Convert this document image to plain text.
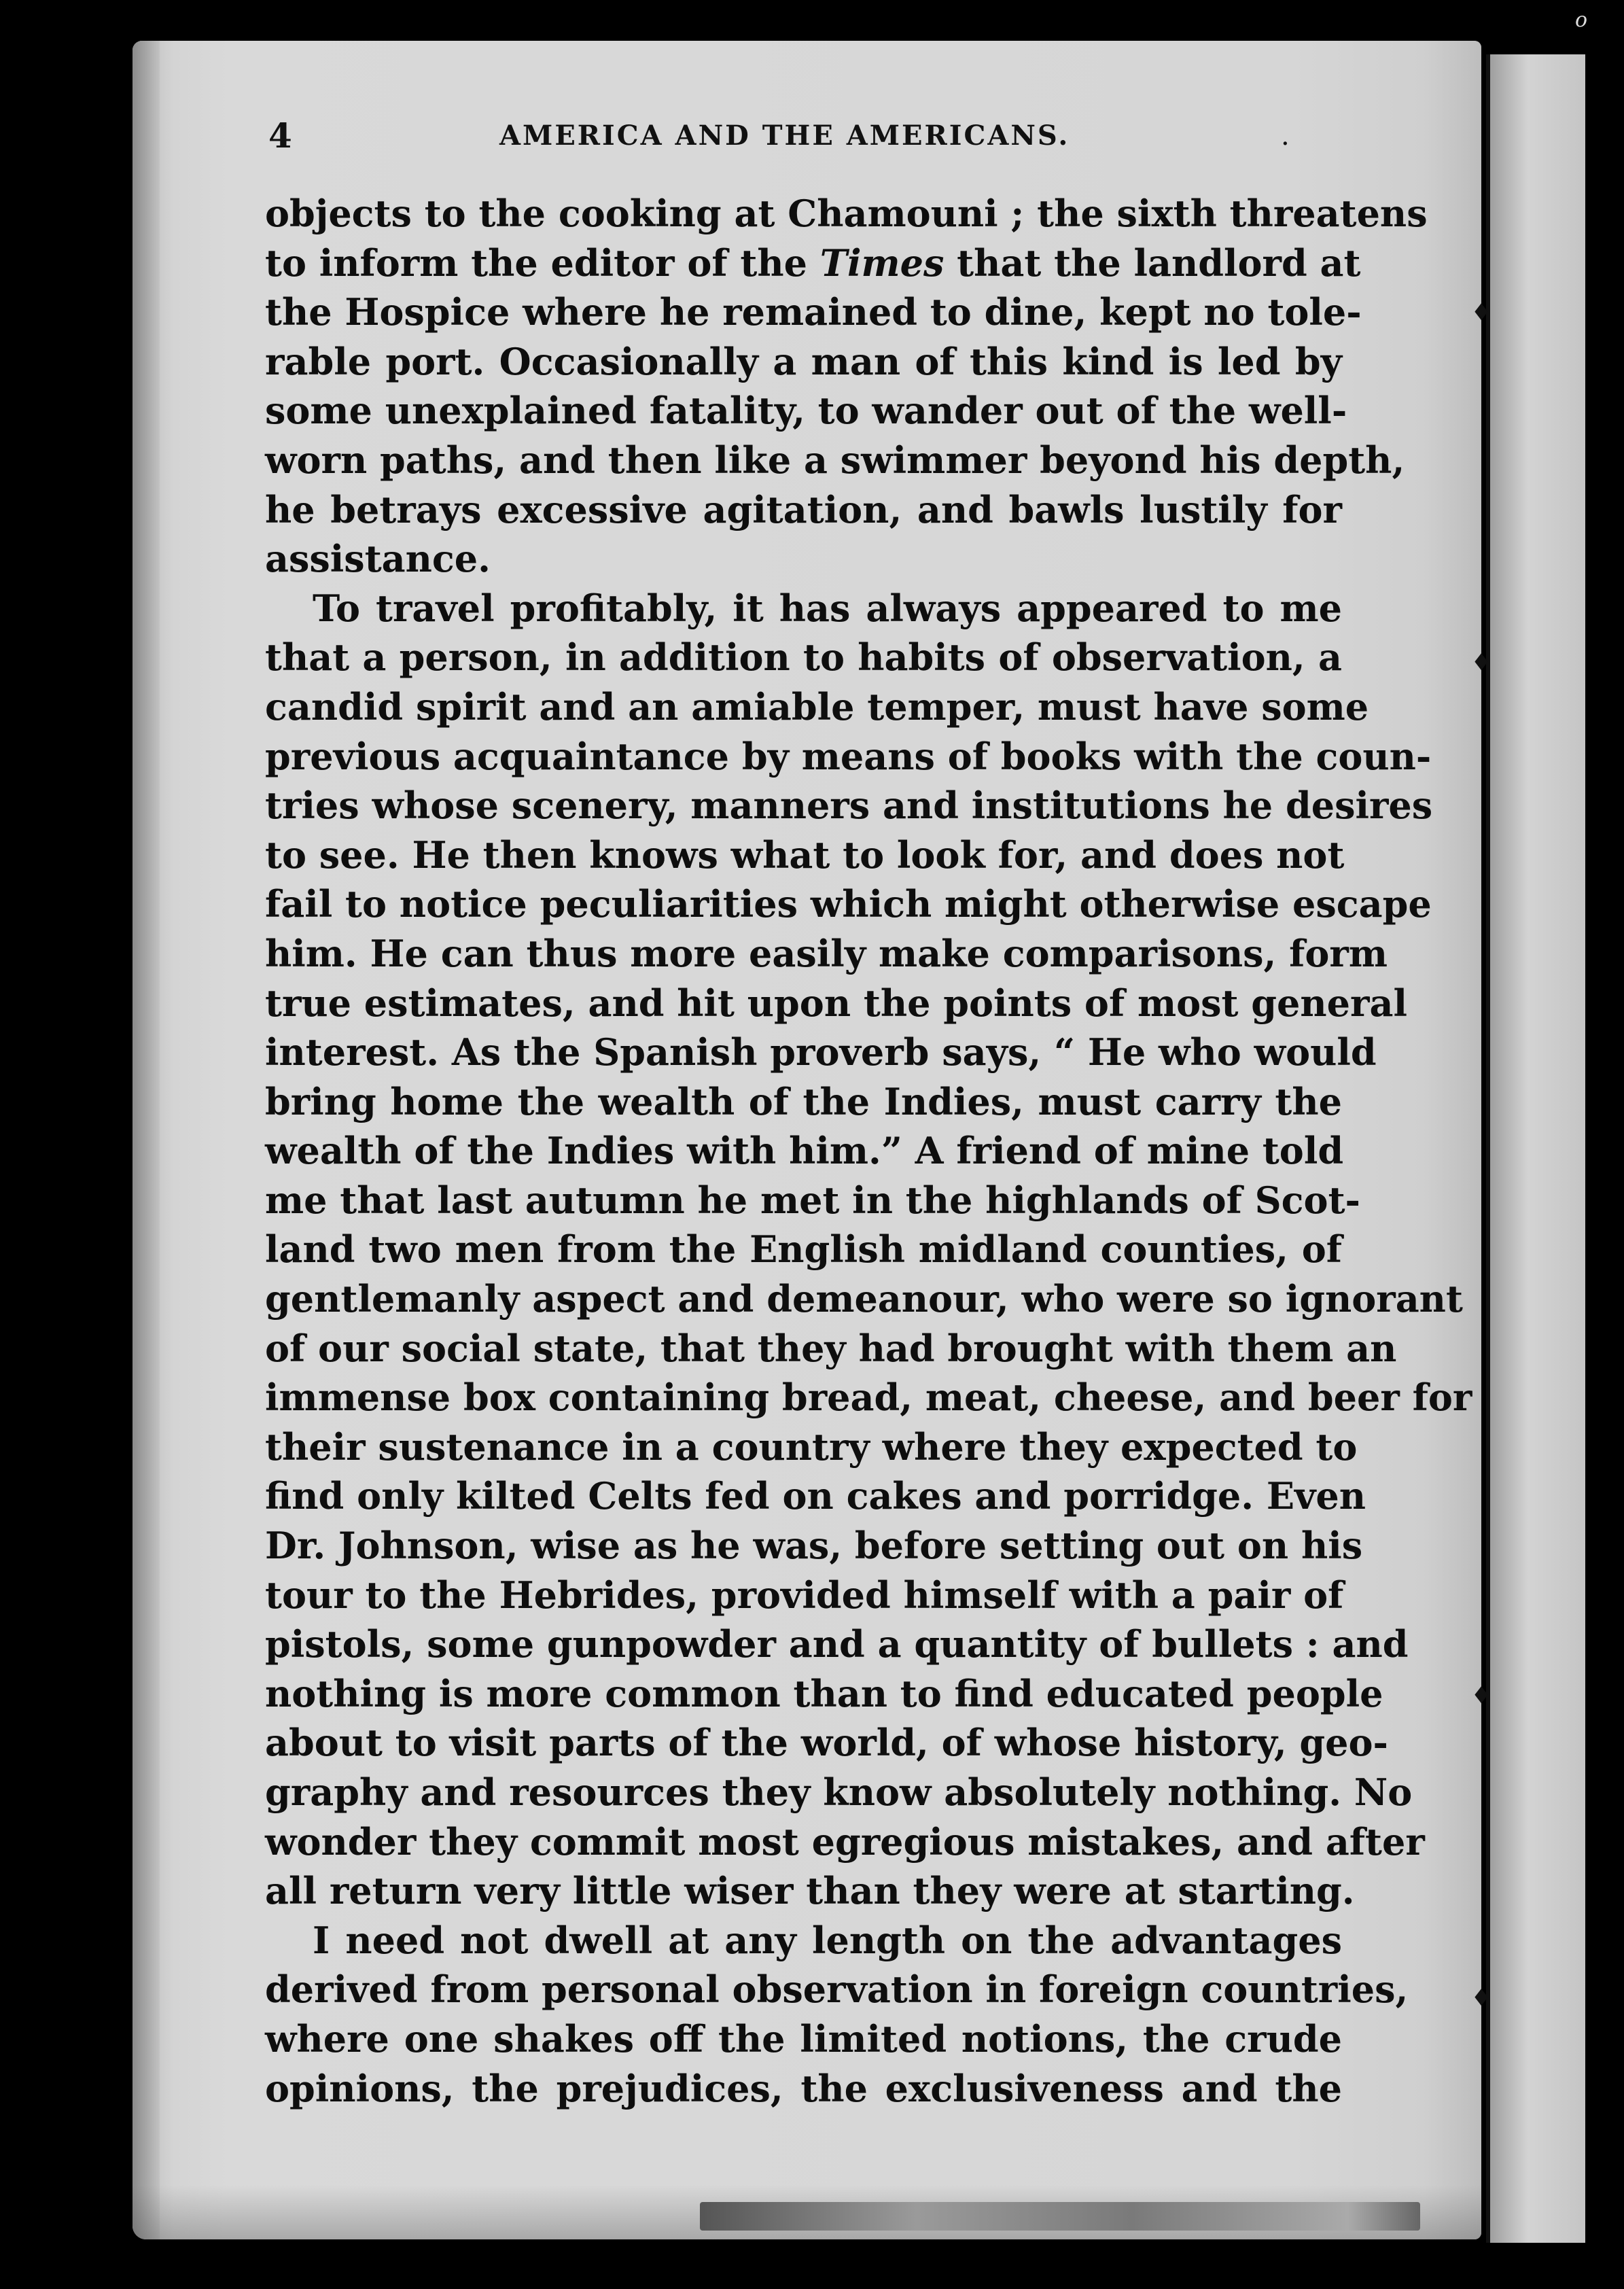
o
♦
♦
♦
♦
4	AMERICA AND THE AMERICANS.	.
objects to the cooking at Chamouni ; the sixth threatens
to inform the editor of the Times that the landlord at
the Hospice where he remained to dine, kept no tole-
rable port. Occasionally a man of this kind is led by
some unexplained fatality, to wander out of the well-
worn paths, and then like a swimmer beyond his depth,
he betrays excessive agitation, and bawls lustily for
assistance.
To travel profitably, it has always appeared to me
that a person, in addition to habits of observation, a
candid spirit and an amiable temper, must have some
previous acquaintance by means of books with the coun-
tries whose scenery, manners and institutions he desires
to see. He then knows what to look for, and does not
fail to notice peculiarities which might otherwise escape
him. He can thus more easily make comparisons, form
true estimates, and hit upon the points of most general
interest. As the Spanish proverb says, “ He who would
bring home the wealth of the Indies, must carry the
wealth of the Indies with him.” A friend of mine told
me that last autumn he met in the highlands of Scot-
land two men from the English midland counties, of
gentlemanly aspect and demeanour, who were so ignorant
of our social state, that they had brought with them an
immense box containing bread, meat, cheese, and beer for
their sustenance in a country where they expected to
find only kilted Celts fed on cakes and porridge. Even
Dr. Johnson, wise as he was, before setting out on his
tour to the Hebrides, provided himself with a pair of
pistols, some gunpowder and a quantity of bullets : and
nothing is more common than to find educated people
about to visit parts of the world, of whose history, geo-
graphy and resources they know absolutely nothing. No
wonder they commit most egregious mistakes, and after
all return very little wiser than they were at starting.
I need not dwell at any length on the advantages
derived from personal observation in foreign countries,
where one shakes off the limited notions, the crude
opinions, the prejudices, the exclusiveness and the
